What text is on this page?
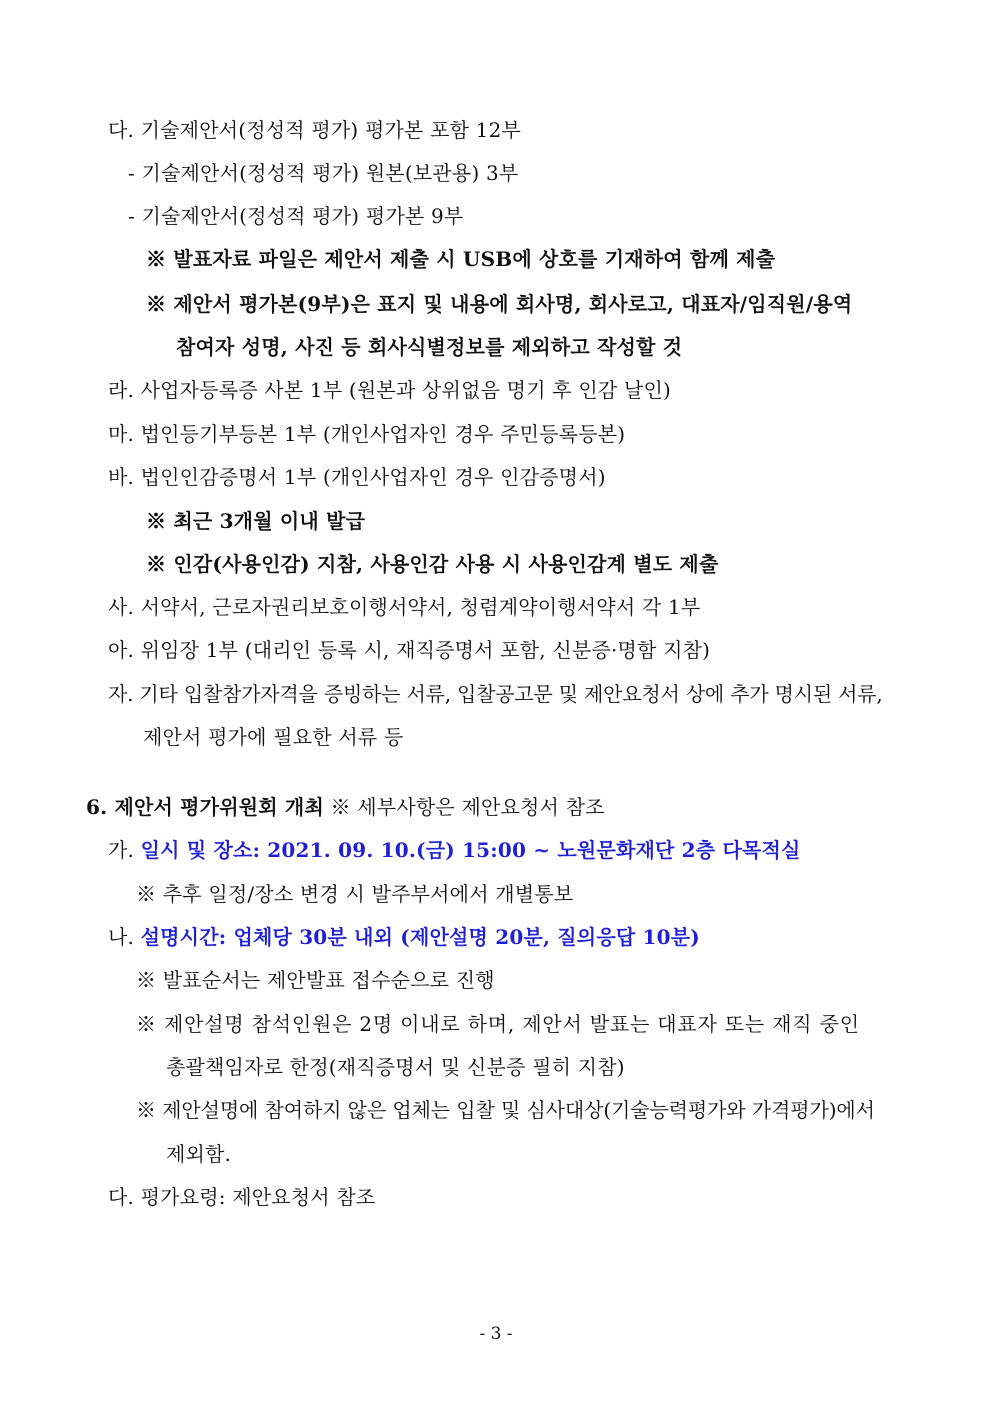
다. 기술제안서(정성적 평가) 평가본 포함 12부
- 기술제안서(정성적 평가) 원본(보관용) 3부
- 기술제안서(정성적 평가) 평가본 9부
※ 발표자료 파일은 제안서 제출 시 USB에 상호를 기재하여 함께 제출
※ 제안서 평가본(9부)은 표지 및 내용에 회사명, 회사로고, 대표자/임직원/용역
참여자 성명, 사진 등 회사식별정보를 제외하고 작성할 것
라. 사업자등록증 사본 1부 (원본과 상위없음 명기 후 인감 날인)
마. 법인등기부등본 1부 (개인사업자인 경우 주민등록등본)
바. 법인인감증명서 1부 (개인사업자인 경우 인감증명서)
※ 최근 3개월 이내 발급
※ 인감(사용인감) 지참, 사용인감 사용 시 사용인감계 별도 제출
사. 서약서, 근로자권리보호이행서약서, 청렴계약이행서약서 각 1부
아. 위임장 1부 (대리인 등록 시, 재직증명서 포함, 신분증·명함 지참)
자. 기타 입찰참가자격을 증빙하는 서류, 입찰공고문 및 제안요청서 상에 추가 명시된 서류,
제안서 평가에 필요한 서류 등
6. 제안서 평가위원회 개최 ※ 세부사항은 제안요청서 참조
가. 일시 및 장소: 2021. 09. 10.(금) 15:00 ~ 노원문화재단 2층 다목적실
※ 추후 일정/장소 변경 시 발주부서에서 개별통보
나. 설명시간: 업체당 30분 내외 (제안설명 20분, 질의응답 10분)
※ 발표순서는 제안발표 접수순으로 진행
※ 제안설명 참석인원은 2명 이내로 하며, 제안서 발표는 대표자 또는 재직 중인
총괄책임자로 한정(재직증명서 및 신분증 필히 지참)
※ 제안설명에 참여하지 않은 업체는 입찰 및 심사대상(기술능력평가와 가격평가)에서
제외함.
다. 평가요령: 제안요청서 참조
- 3 -
